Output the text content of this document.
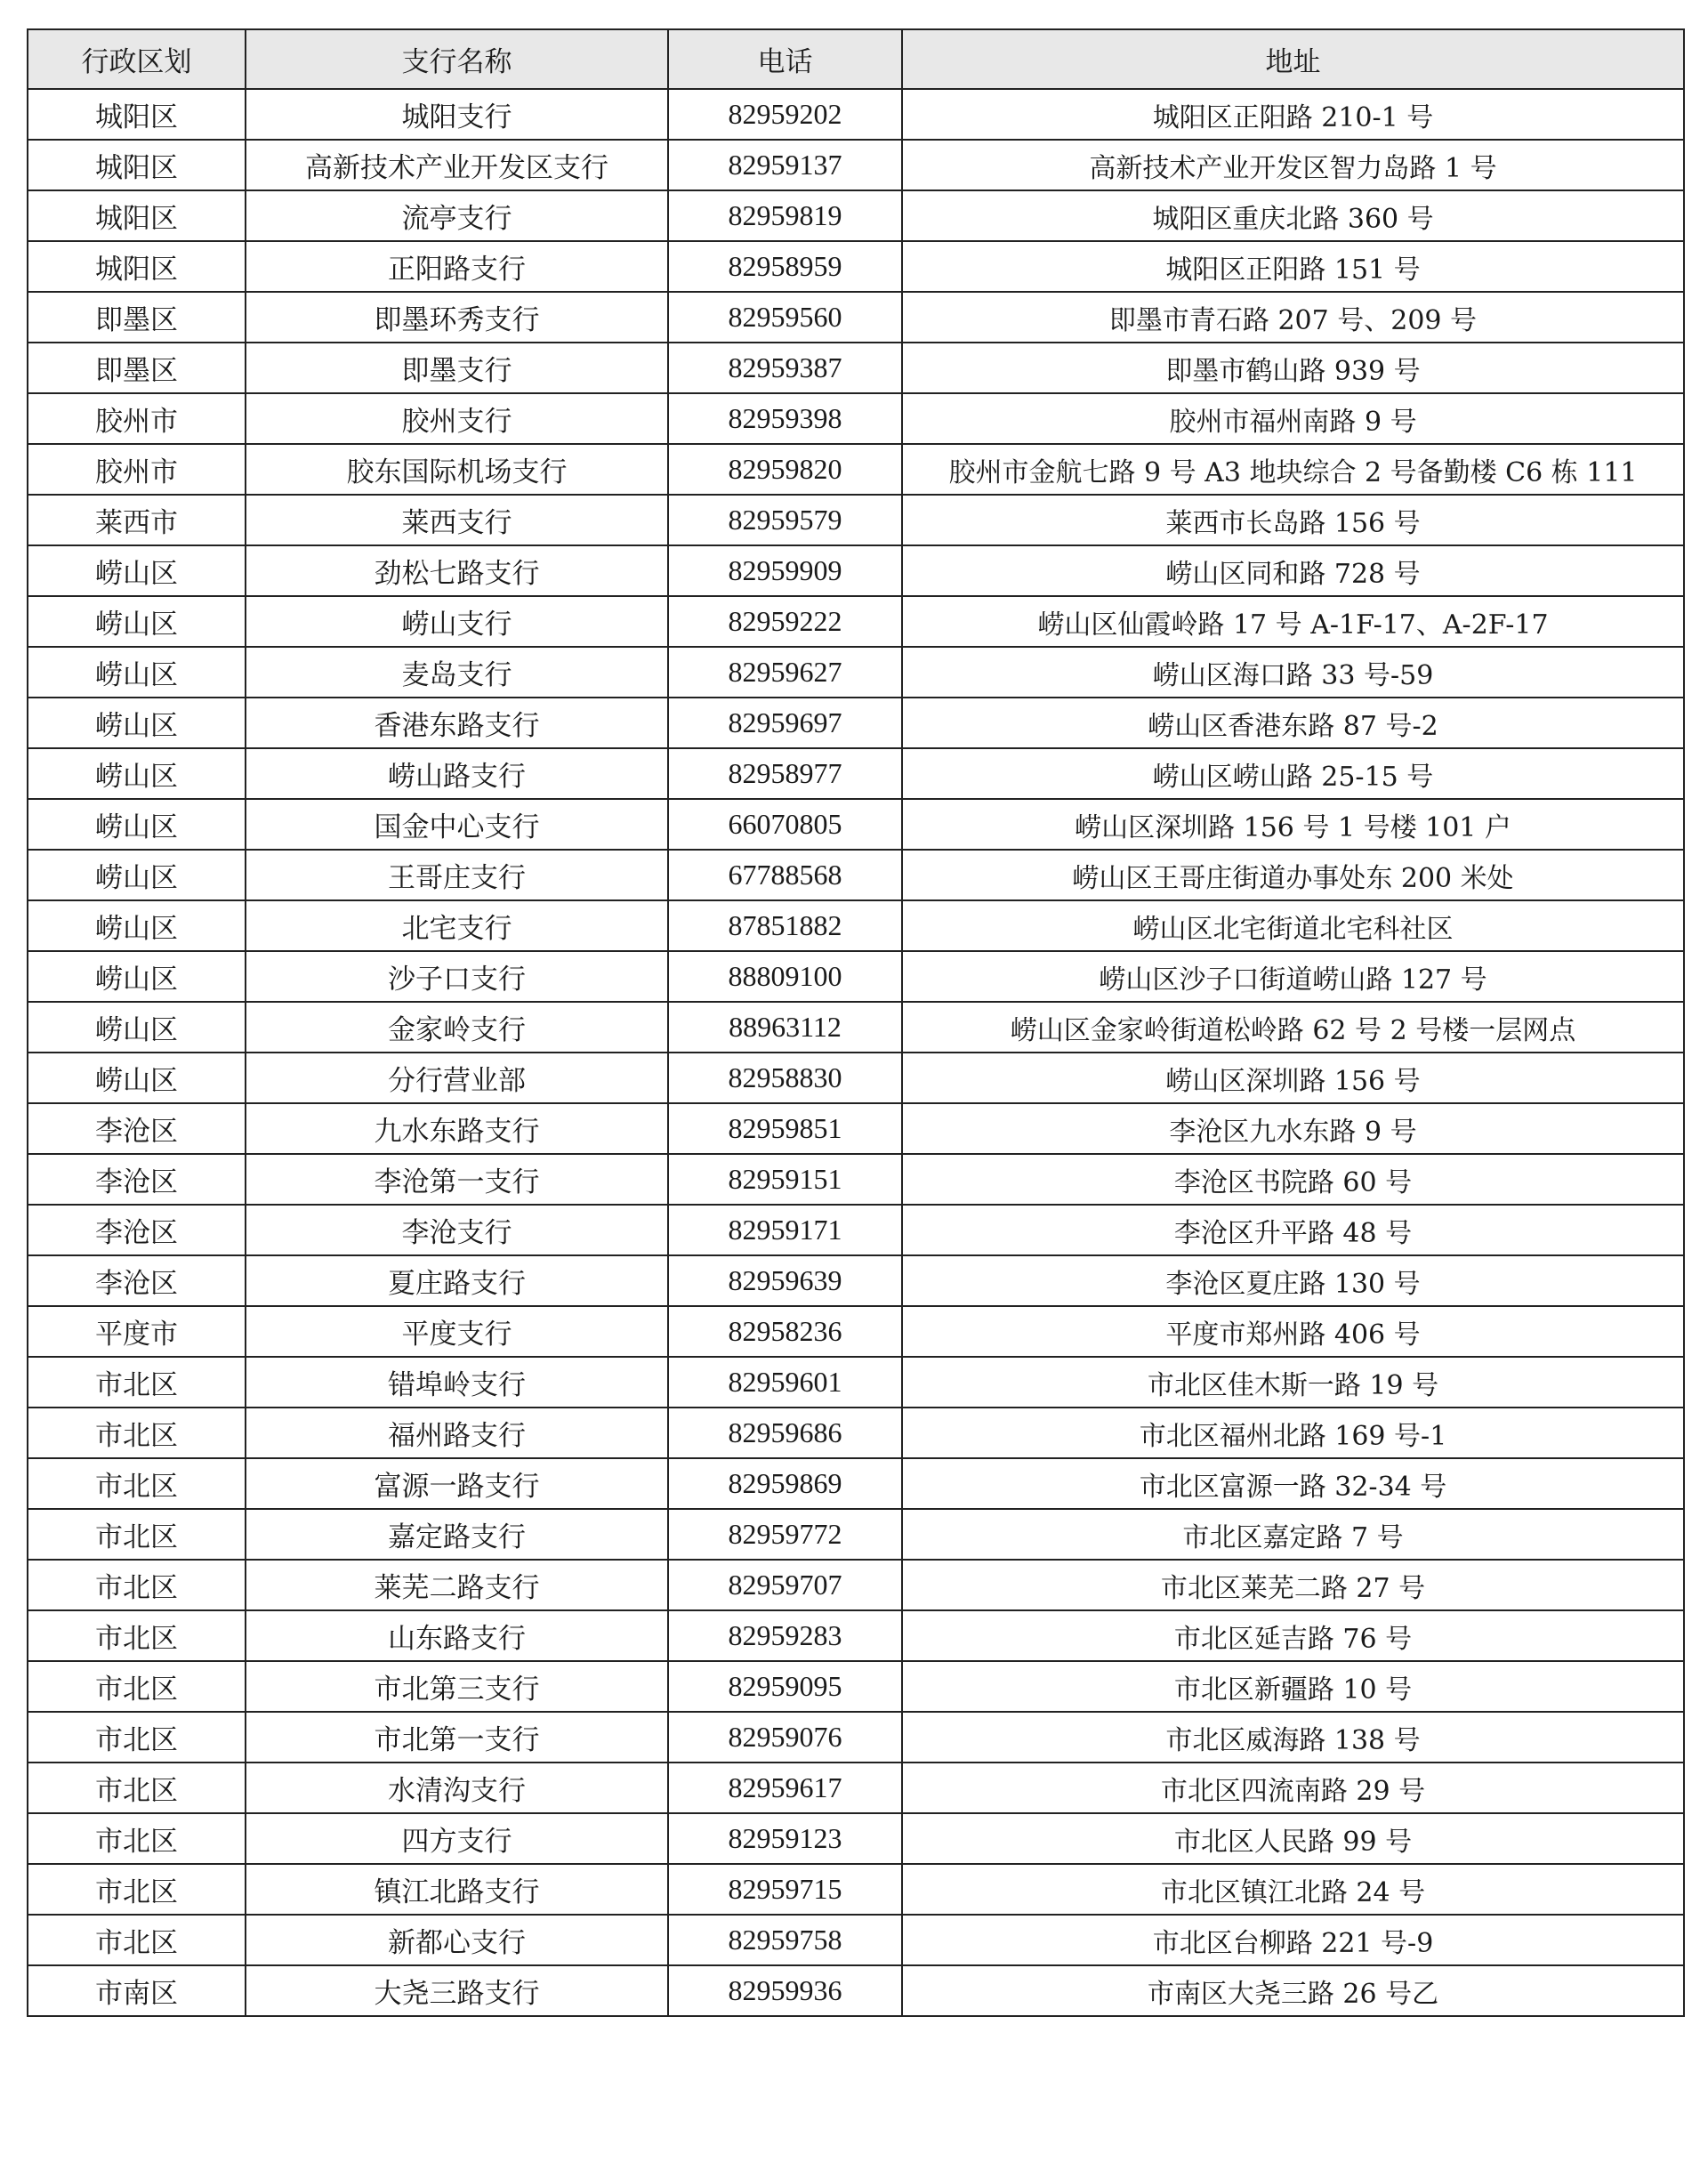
行政区划	支行名称	电话	地址
城阳区	城阳支行	82959202	城阳区正阳路 210-1 号
城阳区	高新技术产业开发区支行	82959137	高新技术产业开发区智力岛路 1 号
城阳区	流亭支行	82959819	城阳区重庆北路 360 号
城阳区	正阳路支行	82958959	城阳区正阳路 151 号
即墨区	即墨环秀支行	82959560	即墨市青石路 207 号、209 号
即墨区	即墨支行	82959387	即墨市鹤山路 939 号
胶州市	胶州支行	82959398	胶州市福州南路 9 号
胶州市	胶东国际机场支行	82959820	胶州市金航七路 9 号 A3 地块综合 2 号备勤楼 C6 栋 111
莱西市	莱西支行	82959579	莱西市长岛路 156 号
崂山区	劲松七路支行	82959909	崂山区同和路 728 号
崂山区	崂山支行	82959222	崂山区仙霞岭路 17 号 A-1F-17、A-2F-17
崂山区	麦岛支行	82959627	崂山区海口路 33 号-59
崂山区	香港东路支行	82959697	崂山区香港东路 87 号-2
崂山区	崂山路支行	82958977	崂山区崂山路 25-15 号
崂山区	国金中心支行	66070805	崂山区深圳路 156 号 1 号楼 101 户
崂山区	王哥庄支行	67788568	崂山区王哥庄街道办事处东 200 米处
崂山区	北宅支行	87851882	崂山区北宅街道北宅科社区
崂山区	沙子口支行	88809100	崂山区沙子口街道崂山路 127 号
崂山区	金家岭支行	88963112	崂山区金家岭街道松岭路 62 号 2 号楼一层网点
崂山区	分行营业部	82958830	崂山区深圳路 156 号
李沧区	九水东路支行	82959851	李沧区九水东路 9 号
李沧区	李沧第一支行	82959151	李沧区书院路 60 号
李沧区	李沧支行	82959171	李沧区升平路 48 号
李沧区	夏庄路支行	82959639	李沧区夏庄路 130 号
平度市	平度支行	82958236	平度市郑州路 406 号
市北区	错埠岭支行	82959601	市北区佳木斯一路 19 号
市北区	福州路支行	82959686	市北区福州北路 169 号-1
市北区	富源一路支行	82959869	市北区富源一路 32-34 号
市北区	嘉定路支行	82959772	市北区嘉定路 7 号
市北区	莱芜二路支行	82959707	市北区莱芜二路 27 号
市北区	山东路支行	82959283	市北区延吉路 76 号
市北区	市北第三支行	82959095	市北区新疆路 10 号
市北区	市北第一支行	82959076	市北区威海路 138 号
市北区	水清沟支行	82959617	市北区四流南路 29 号
市北区	四方支行	82959123	市北区人民路 99 号
市北区	镇江北路支行	82959715	市北区镇江北路 24 号
市北区	新都心支行	82959758	市北区台柳路 221 号-9
市南区	大尧三路支行	82959936	市南区大尧三路 26 号乙
